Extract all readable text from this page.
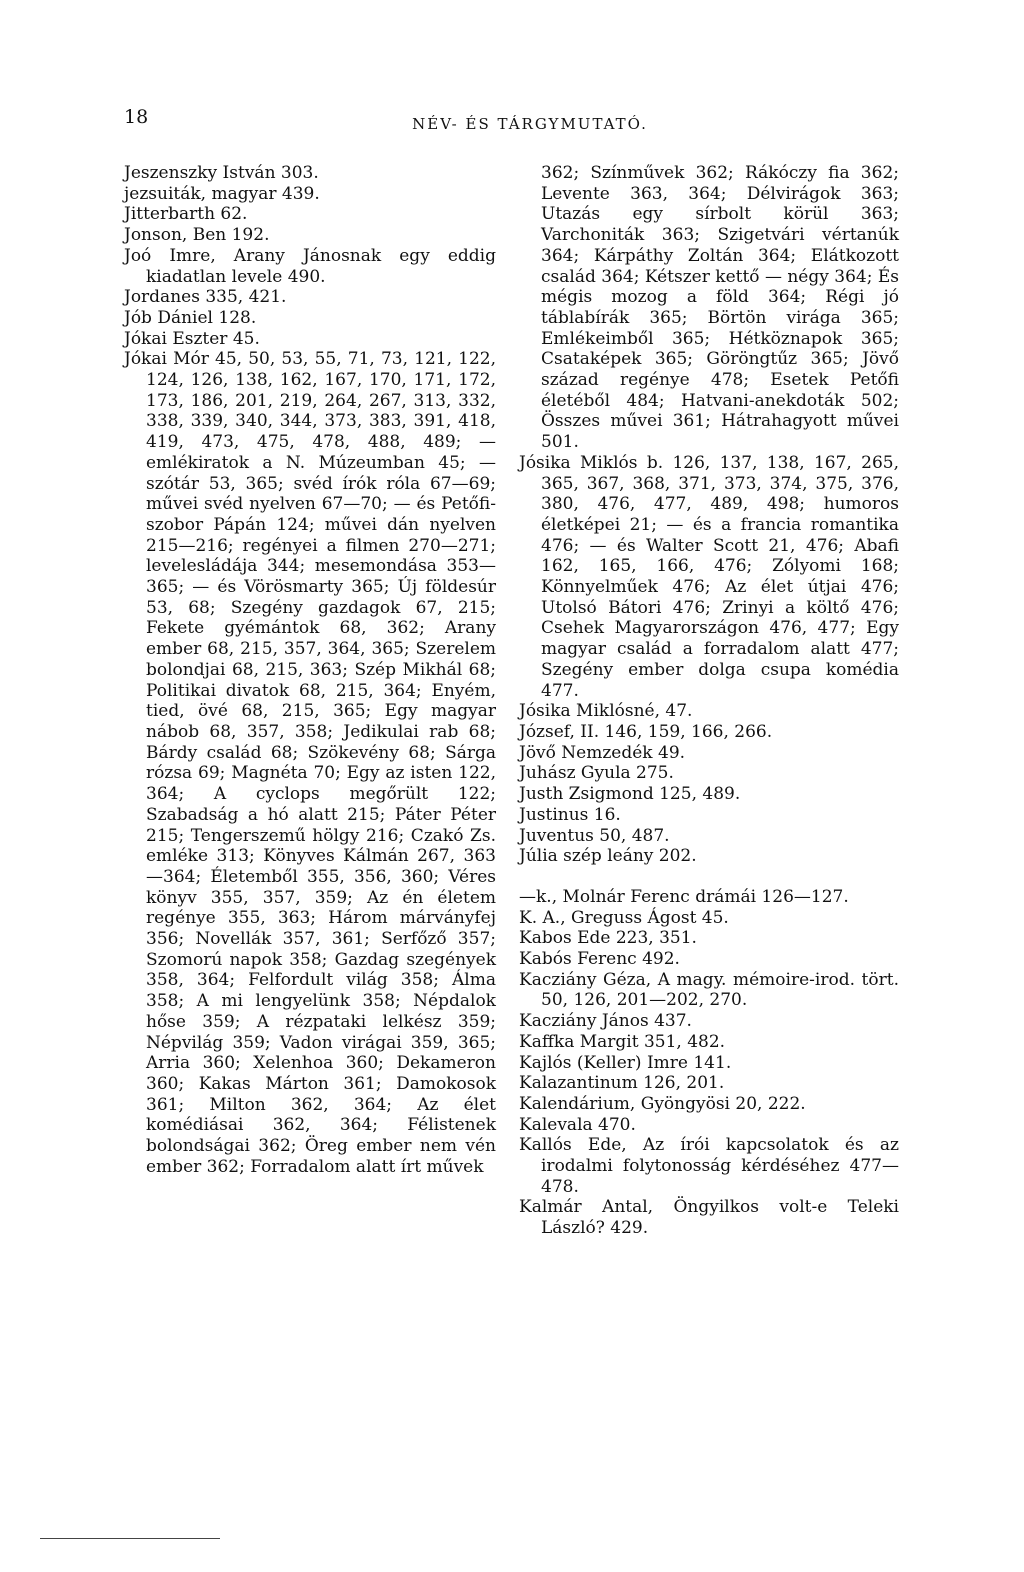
18	NÉV- ÉS TÁRGYMUTATÓ.

Jeszenszky István 303.

jezsuiták, magyar 439.

Jitterbarth 62.

Jonson, Ben 192.

Joó Imre, Arany Jánosnak egy eddig kiadatlan levele 490.

Jordanes 335, 421.

Jób Dániel 128.

Jókai Eszter 45.

Jókai Mór 45, 50, 53, 55, 71, 73, 121, 122, 124, 126, 138, 162, 167, 170, 171, 172, 173, 186, 201, 219, 264, 267, 313, 332, 338, 339, 340, 344, 373, 383, 391, 418, 419, 473, 475, 478, 488, 489; — emlékiratok a N. Múzeumban 45; — szótár 53, 365; svéd írók róla 67—69; művei svéd nyelven 67—70; — és Petőfi-szobor Pápán 124; művei dán nyelven 215—216; regényei a filmen 270—271; levelesládája 344; mesemondása 353—365; — és Vörösmarty 365; Új földesúr 53, 68; Szegény gazdagok 67, 215; Fekete gyémántok 68, 362; Arany ember 68, 215, 357, 364, 365; Szerelem bolondjai 68, 215, 363; Szép Mikhál 68; Politikai divatok 68, 215, 364; Enyém, tied, övé 68, 215, 365; Egy magyar nábob 68, 357, 358; Jedikulai rab 68; Bárdy család 68; Szökevény 68; Sárga rózsa 69; Magnéta 70; Egy az isten 122, 364; A cyclops megőrült 122; Szabadság a hó alatt 215; Páter Péter 215; Tengerszemű hölgy 216; Czakó Zs. emléke 313; Könyves Kálmán 267, 363—364; Életemből 355, 356, 360; Véres könyv 355, 357, 359; Az én életem regénye 355, 363; Három márványfej 356; Novellák 357, 361; Serfőző 357; Szomorú napok 358; Gazdag szegények 358, 364; Felfordult világ 358; Álma 358; A mi lengyelünk 358; Népdalok hőse 359; A rézpataki lelkész 359; Népvilág 359; Vadon virágai 359, 365; Arria 360; Xelenhoa 360; Dekameron 360; Kakas Márton 361; Damokosok 361; Milton 362, 364; Az élet komédiásai 362, 364; Félistenek bolondságai 362; Öreg ember nem vén ember 362; Forradalom alatt írt művek

362; Színművek 362; Rákóczy fia 362; Levente 363, 364; Délvirágok 363; Utazás egy sírbolt körül 363; Varchoniták 363; Szigetvári vértanúk 364; Kárpáthy Zoltán 364; Elátkozott család 364; Kétszer kettő — négy 364; És mégis mozog a föld 364; Régi jó táblabírák 365; Börtön virága 365; Emlékeimből 365; Hétköznapok 365; Csataképek 365; Göröngtűz 365; Jövő század regénye 478; Esetek Petőfi életéből 484; Hatvani-anekdoták 502; Összes művei 361; Hátrahagyott művei 501.

Jósika Miklós b. 126, 137, 138, 167, 265, 365, 367, 368, 371, 373, 374, 375, 376, 380, 476, 477, 489, 498; humoros életképei 21; — és a francia romantika 476; — és Walter Scott 21, 476; Abafi 162, 165, 166, 476; Zólyomi 168; Könnyelműek 476; Az élet útjai 476; Utolsó Bátori 476; Zrinyi a költő 476; Csehek Magyarországon 476, 477; Egy magyar család a forradalom alatt 477; Szegény ember dolga csupa komédia 477.

Jósika Miklósné, 47.

József, II. 146, 159, 166, 266.

Jövő Nemzedék 49.

Juhász Gyula 275.

Justh Zsigmond 125, 489.

Justinus 16.

Juventus 50, 487.

Júlia szép leány 202.

—k., Molnár Ferenc drámái 126—127.

K. A., Greguss Ágost 45.

Kabos Ede 223, 351.

Kabós Ferenc 492.

Kacziány Géza, A magy. mémoire-irod. tört. 50, 126, 201—202, 270.

Kacziány János 437.

Kaffka Margit 351, 482.

Kajlós (Keller) Imre 141.

Kalazantinum 126, 201.

Kalendárium, Gyöngyösi 20, 222.

Kalevala 470.

Kallós Ede, Az írói kapcsolatok és az irodalmi folytonosság kérdéséhez 477—478.

Kalmár Antal, Öngyilkos volt-e Teleki László? 429.
